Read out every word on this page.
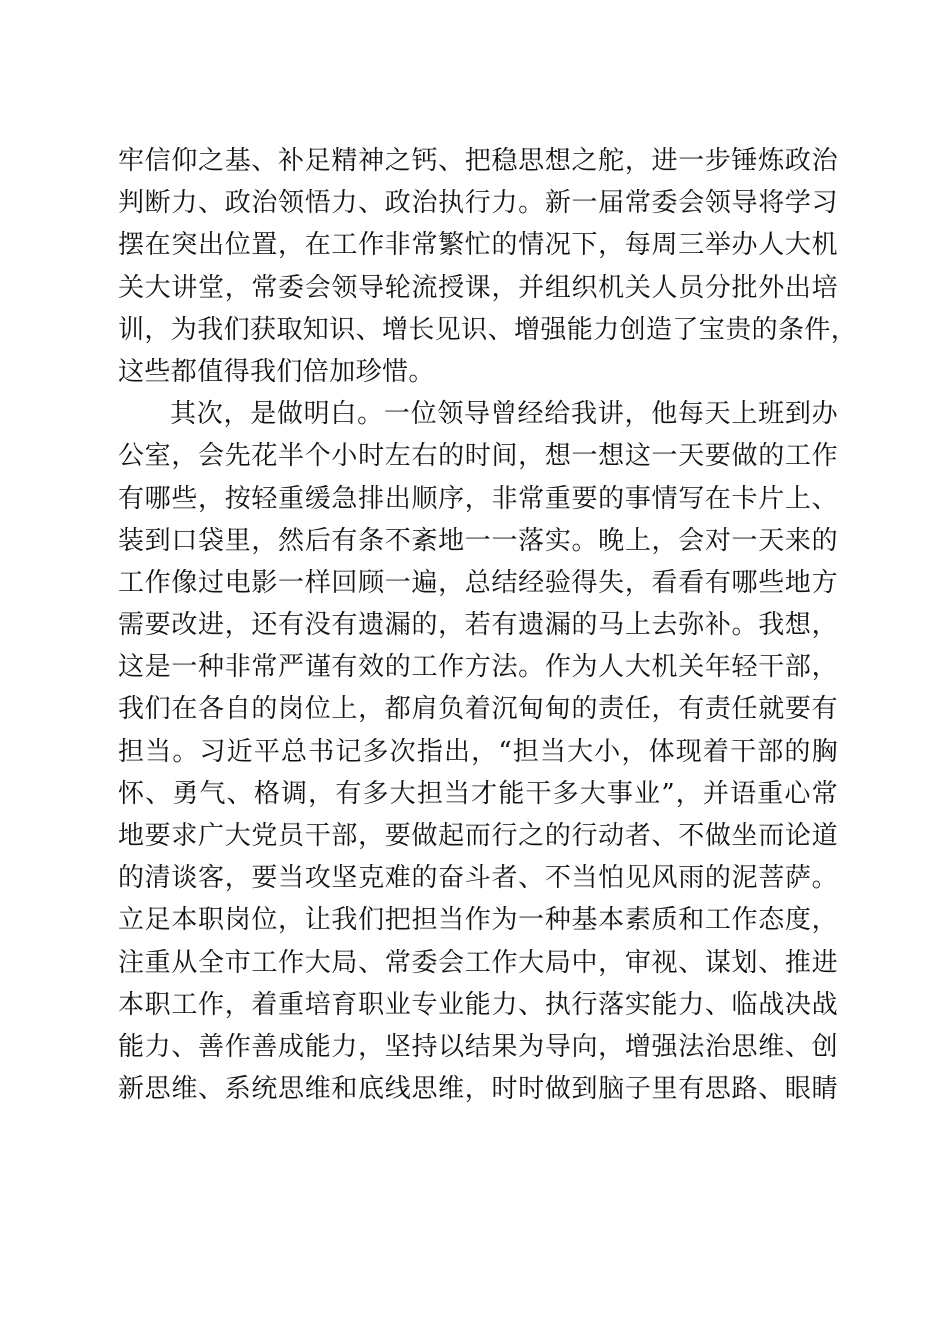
牢信仰之基、补足精神之钙、把稳思想之舵，进一步锤炼政治
判断力、政治领悟力、政治执行力。新一届常委会领导将学习
摆在突出位置，在工作非常繁忙的情况下，每周三举办人大机
关大讲堂，常委会领导轮流授课，并组织机关人员分批外出培
训，为我们获取知识、增长见识、增强能力创造了宝贵的条件，
这些都值得我们倍加珍惜。
其次，是做明白。一位领导曾经给我讲，他每天上班到办
公室，会先花半个小时左右的时间，想一想这一天要做的工作
有哪些，按轻重缓急排出顺序，非常重要的事情写在卡片上、
装到口袋里，然后有条不紊地一一落实。晚上，会对一天来的
工作像过电影一样回顾一遍，总结经验得失，看看有哪些地方
需要改进，还有没有遗漏的，若有遗漏的马上去弥补。我想，
这是一种非常严谨有效的工作方法。作为人大机关年轻干部，
我们在各自的岗位上，都肩负着沉甸甸的责任，有责任就要有
担当。习近平总书记多次指出，“担当大小，体现着干部的胸
怀、勇气、格调，有多大担当才能干多大事业”，并语重心常
地要求广大党员干部，要做起而行之的行动者、不做坐而论道
的清谈客，要当攻坚克难的奋斗者、不当怕见风雨的泥菩萨。
立足本职岗位，让我们把担当作为一种基本素质和工作态度，
注重从全市工作大局、常委会工作大局中，审视、谋划、推进
本职工作，着重培育职业专业能力、执行落实能力、临战决战
能力、善作善成能力，坚持以结果为导向，增强法治思维、创
新思维、系统思维和底线思维，时时做到脑子里有思路、眼睛
